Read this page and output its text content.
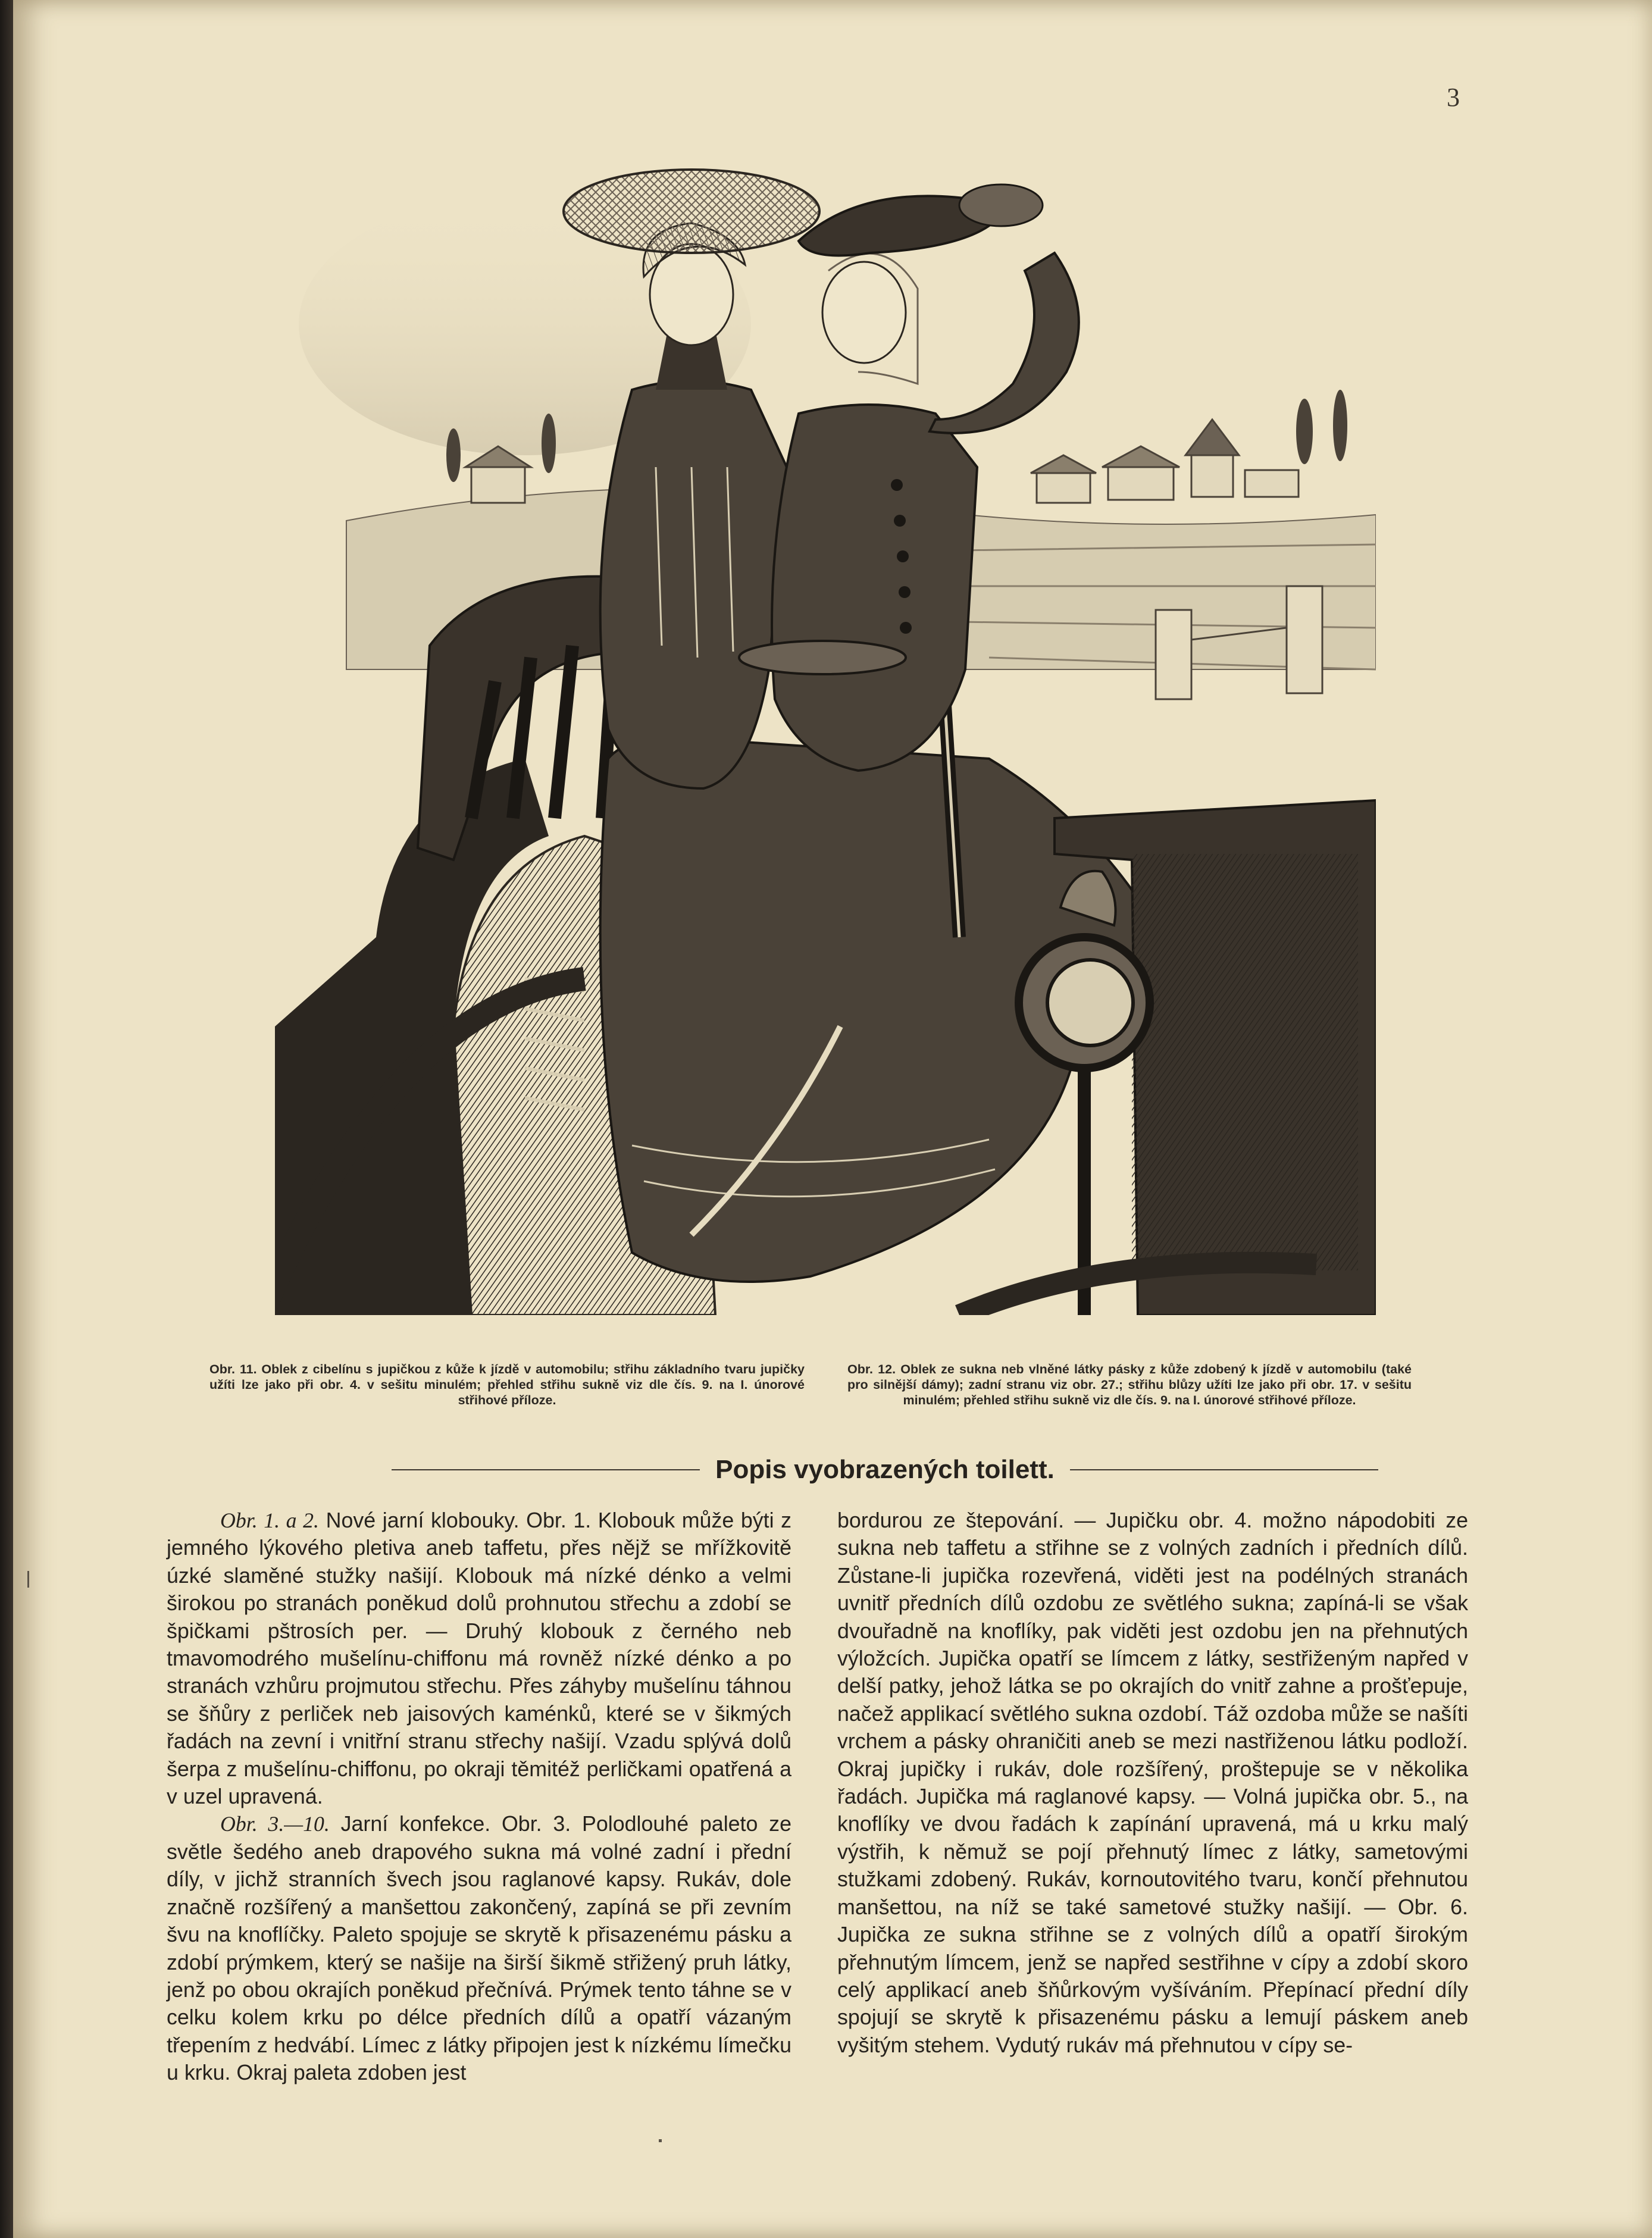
3
Obr. 11. Oblek z cibelínu s jupičkou z kůže k jízdě v automobilu; střihu základního tvaru jupičky užíti lze jako při obr. 4. v sešitu minulém; přehled střihu sukně viz dle čís. 9. na I. únorové střihové příloze.
Obr. 12. Oblek ze sukna neb vlněné látky pásky z kůže zdobený k jízdě v automobilu (také pro silnější dámy); zadní stranu viz obr. 27.; střihu blůzy užíti lze jako při obr. 17. v sešitu minulém; přehled střihu sukně viz dle čís. 9. na I. únorové střihové příloze.
Popis vyobrazených toilett.

Obr. 1. a 2. Nové jarní klobouky. Obr. 1. Klobouk může býti z jemného lýkového pletiva aneb taffetu, přes nějž se mřížkovitě úzké slaměné stužky našijí. Klobouk má nízké dénko a velmi širokou po stranách poněkud dolů prohnutou střechu a zdobí se špičkami pštrosích per. — Druhý klobouk z černého neb tmavomodrého mušelínu-chiffonu má rovněž nízké dénko a po stranách vzhůru projmutou střechu. Přes záhyby mušelínu táhnou se šňůry z perliček neb jaisových kaménků, které se v šikmých řadách na zevní i vnitřní stranu střechy našijí. Vzadu splývá dolů šerpa z mušelínu-chiffonu, po okraji těmitéž perličkami opatřená a v uzel upravená.

Obr. 3.—10. Jarní konfekce. Obr. 3. Polodlouhé paleto ze světle šedého aneb drapového sukna má volné zadní i přední díly, v jichž stranních švech jsou raglanové kapsy. Rukáv, dole značně rozšířený a manšettou zakončený, zapíná se při zevním švu na knoflíčky. Paleto spojuje se skrytě k přisazenému pásku a zdobí prýmkem, který se našije na širší šikmě střižený pruh látky, jenž po obou okrajích poněkud přečnívá. Prýmek tento táhne se v celku kolem krku po délce předních dílů a opatří vázaným třepením z hedvábí. Límec z látky připojen jest k nízkému límečku u krku. Okraj paleta zdoben jest

bordurou ze štepování. — Jupičku obr. 4. možno nápodobiti ze sukna neb taffetu a střihne se z volných zadních i předních dílů. Zůstane-li jupička rozevřená, viděti jest na podélných stranách uvnitř předních dílů ozdobu ze světlého sukna; zapíná-li se však dvouřadně na knoflíky, pak viděti jest ozdobu jen na přehnutých výložcích. Jupička opatří se límcem z látky, sestřiženým napřed v delší patky, jehož látka se po okrajích do vnitř zahne a prošťepuje, načež applikací světlého sukna ozdobí. Táž ozdoba může se našíti vrchem a pásky ohraničiti aneb se mezi nastřiženou látku podloží. Okraj jupičky i rukáv, dole rozšířený, proštepuje se v několika řadách. Jupička má raglanové kapsy. — Volná jupička obr. 5., na knoflíky ve dvou řadách k zapínání upravená, má u krku malý výstřih, k němuž se pojí přehnutý límec z látky, sametovými stužkami zdobený. Rukáv, kornoutovitého tvaru, končí přehnutou manšettou, na níž se také sametové stužky našijí. — Obr. 6. Jupička ze sukna střihne se z volných dílů a opatří širokým přehnutým límcem, jenž se napřed sestřihne v cípy a zdobí skoro celý applikací aneb šňůrkovým vyšíváním. Přepínací přední díly spojují se skrytě k přisazenému pásku a lemují páskem aneb vyšitým stehem. Vydutý rukáv má přehnutou v cípy se-
